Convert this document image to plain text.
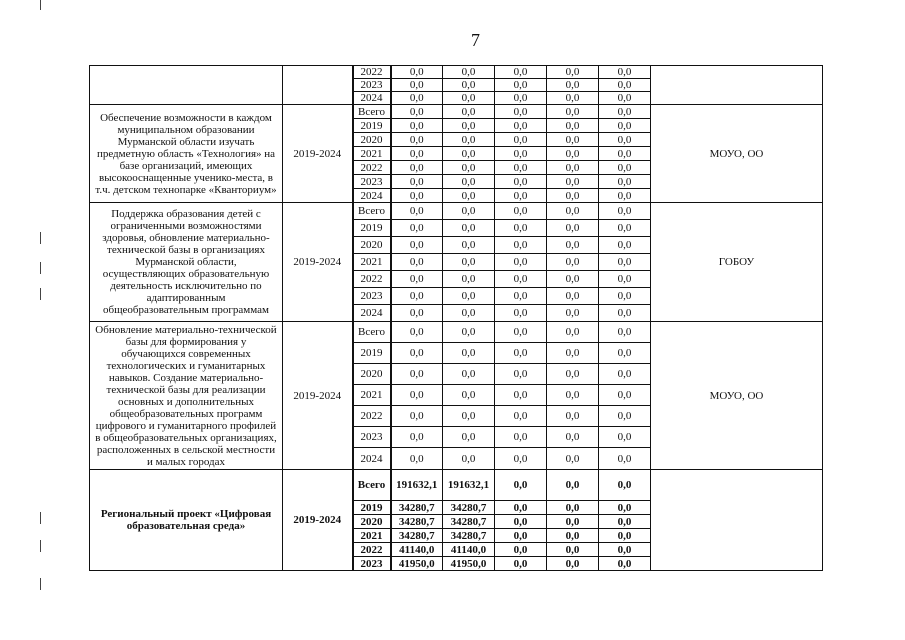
7
		2022	0,0	0,0	0,0	0,0	0,0	
		2023	0,0	0,0	0,0	0,0	0,0	
		2024	0,0	0,0	0,0	0,0	0,0	
Обеспечение возможности в каждом муниципальном образовании Мурманской области изучать предметную область «Технология» на базе организаций, имеющих высокооснащенные ученико-места, в т.ч. детском технопарке «Кванториум»	2019-2024	Всего	0,0	0,0	0,0	0,0	0,0	МОУО, ОО
		2019	0,0	0,0	0,0	0,0	0,0	
		2020	0,0	0,0	0,0	0,0	0,0	
		2021	0,0	0,0	0,0	0,0	0,0	
		2022	0,0	0,0	0,0	0,0	0,0	
		2023	0,0	0,0	0,0	0,0	0,0	
		2024	0,0	0,0	0,0	0,0	0,0	
Поддержка образования детей с ограниченными возможностями здоровья, обновление материально-технической базы в организациях Мурманской области, осуществляющих образовательную деятельность исключительно по адаптированным общеобразовательным программам	2019-2024	Всего	0,0	0,0	0,0	0,0	0,0	ГОБОУ
		2019	0,0	0,0	0,0	0,0	0,0	
		2020	0,0	0,0	0,0	0,0	0,0	
		2021	0,0	0,0	0,0	0,0	0,0	
		2022	0,0	0,0	0,0	0,0	0,0	
		2023	0,0	0,0	0,0	0,0	0,0	
		2024	0,0	0,0	0,0	0,0	0,0	
Обновление материально-технической базы для формирования у обучающихся современных технологических и гуманитарных навыков. Создание материально-технической базы для реализации основных и дополнительных общеобразовательных программ цифрового и гуманитарного профилей в общеобразовательных организациях, расположенных в сельской местности и малых городах	2019-2024	Всего	0,0	0,0	0,0	0,0	0,0	МОУО, ОО
		2019	0,0	0,0	0,0	0,0	0,0	
		2020	0,0	0,0	0,0	0,0	0,0	
		2021	0,0	0,0	0,0	0,0	0,0	
		2022	0,0	0,0	0,0	0,0	0,0	
		2023	0,0	0,0	0,0	0,0	0,0	
		2024	0,0	0,0	0,0	0,0	0,0	
Региональный проект «Цифровая образовательная среда»	2019-2024	Всего	191632,1	191632,1	0,0	0,0	0,0	
		2019	34280,7	34280,7	0,0	0,0	0,0	
		2020	34280,7	34280,7	0,0	0,0	0,0	
		2021	34280,7	34280,7	0,0	0,0	0,0	
		2022	41140,0	41140,0	0,0	0,0	0,0	
		2023	41950,0	41950,0	0,0	0,0	0,0	
